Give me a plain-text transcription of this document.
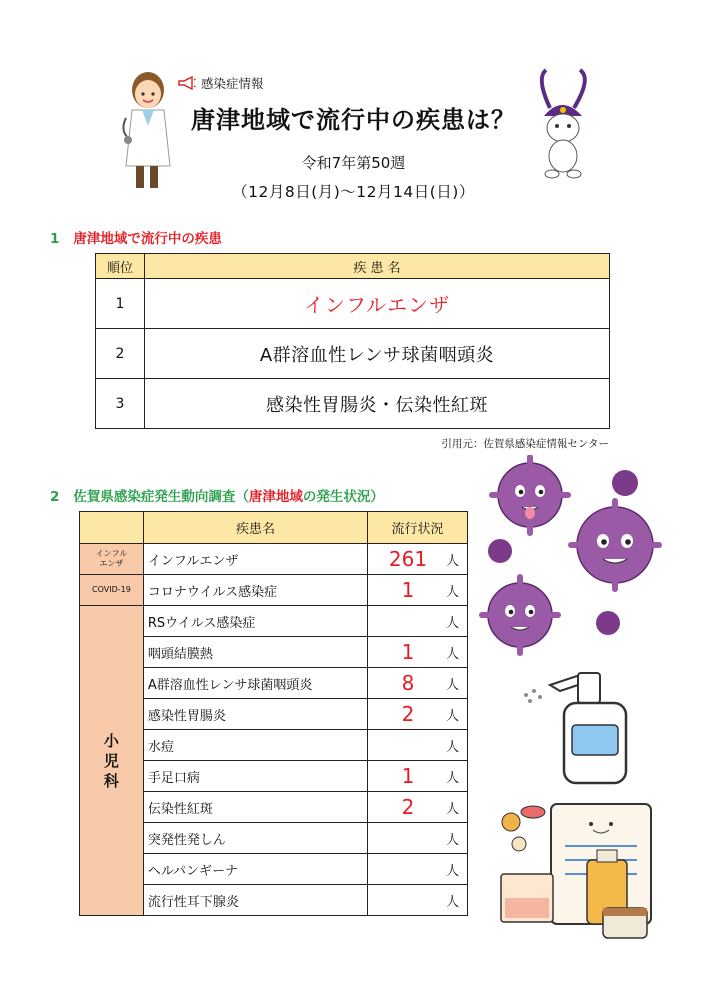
感染症情報
唐津地域で流行中の疾患は？
令和7年第50週
（12月8日(月)〜12月14日(日)）
1 唐津地域で流行中の疾患
順位	疾 患 名
1	インフルエンザ
2	A群溶血性レンサ球菌咽頭炎
3	感染性胃腸炎・伝染性紅斑
引用元：佐賀県感染症情報センター
2 佐賀県感染症発生動向調査（唐津地域の発生状況）
	疾患名	流行状況
インフル
エンザ	インフルエンザ	261 人

COVID-19	コロナウイルス感染症	1 人

小
児
科	RSウイルス感染症	人

	咽頭結膜熱	1 人

	A群溶血性レンサ球菌咽頭炎	8 人

	感染性胃腸炎	2 人

	水痘	人

	手足口病	1 人

	伝染性紅斑	2 人

	突発性発しん	人

	ヘルパンギーナ	人

	流行性耳下腺炎	人
